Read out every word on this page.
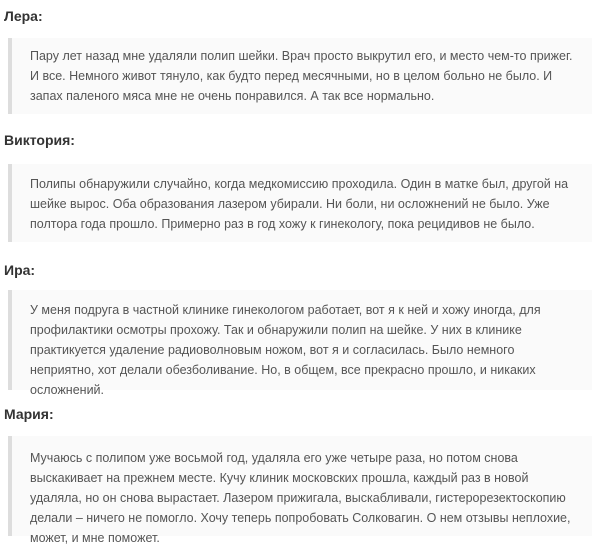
Лера:

Пару лет назад мне удаляли полип шейки. Врач просто выкрутил его, и место чем-то прижег. И все. Немного живот тянуло, как будто перед месячными, но в целом больно не было. И запах паленого мяса мне не очень понравился. А так все нормально.

Виктория:

Полипы обнаружили случайно, когда медкомиссию проходила. Один в матке был, другой на шейке вырос. Оба образования лазером убирали. Ни боли, ни осложнений не было. Уже полтора года прошло. Примерно раз в год хожу к гинекологу, пока рецидивов не было.

Ира:

У меня подруга в частной клинике гинекологом работает, вот я к ней и хожу иногда, для профилактики осмотры прохожу. Так и обнаружили полип на шейке. У них в клинике практикуется удаление радиоволновым ножом, вот я и согласилась. Было немного неприятно, хот делали обезболивание. Но, в общем, все прекрасно прошло, и никаких осложнений.

Мария:

Мучаюсь с полипом уже восьмой год, удаляла его уже четыре раза, но потом снова выскакивает на прежнем месте. Кучу клиник московских прошла, каждый раз в новой удаляла, но он снова вырастает. Лазером прижигала, выскабливали, гистерорезектоскопию делали – ничего не помогло. Хочу теперь попробовать Солковагин. О нем отзывы неплохие, может, и мне поможет.
